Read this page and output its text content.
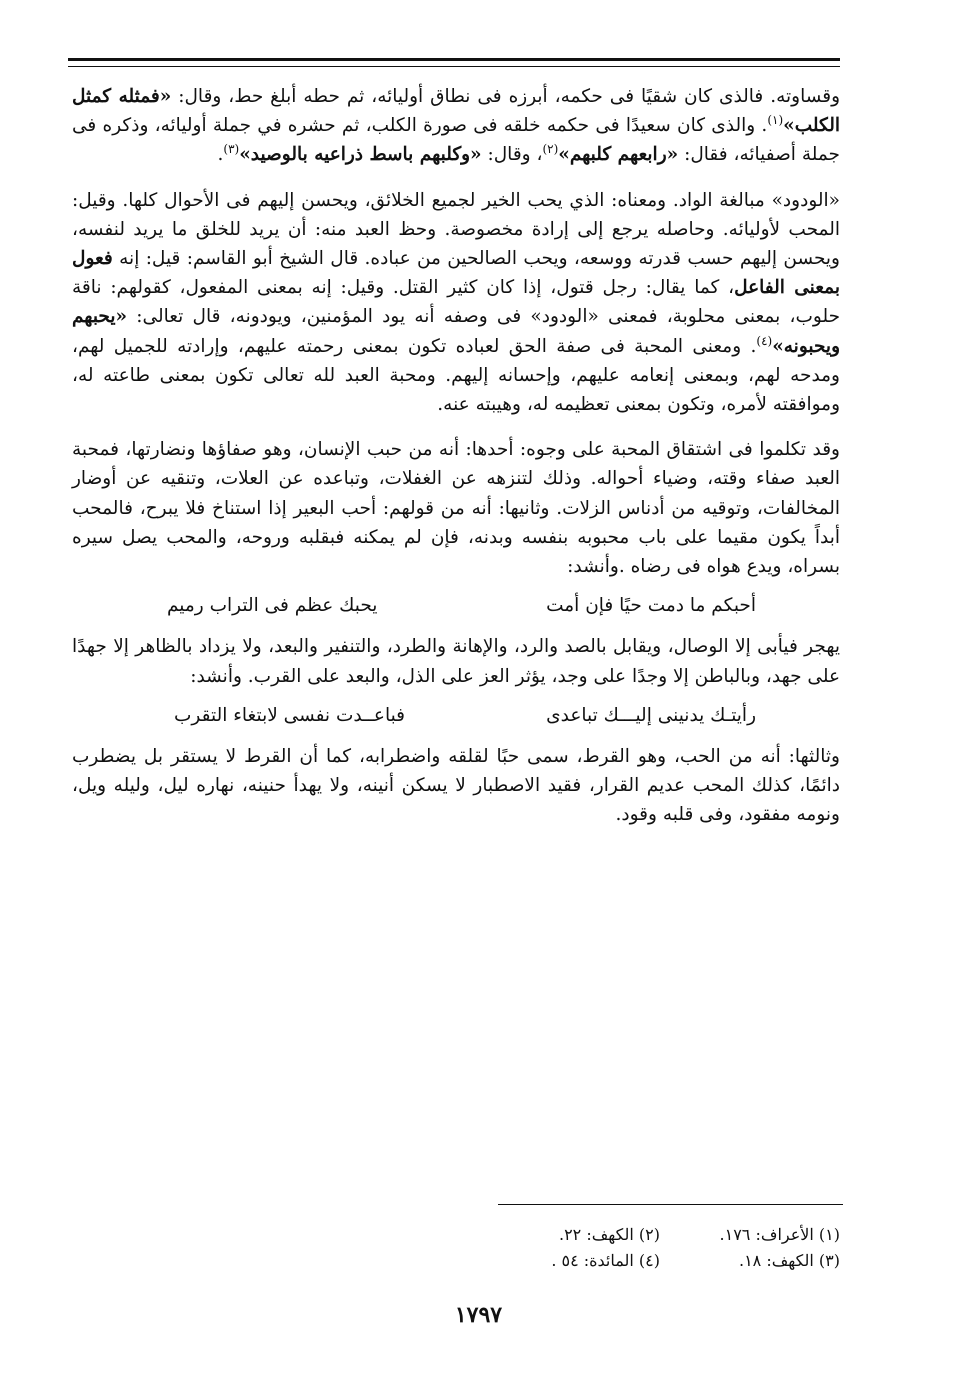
وقساوته. فالذى كان شقيًا فى حكمه، أبرزه فى نطاق أوليائه، ثم حطه أبلغ حط، وقال: «فمثله كمثل الكلب»$^{(١)}$. والذى كان سعيدًا فى حكمه خلقه فى صورة الكلب، ثم حشره في جملة أوليائه، وذكره فى جملة أصفيائه، فقال: «رابعهم كلبهم»$^{(٢)}$، وقال: «وكلبهم باسط ذراعيه بالوصيد»$^{(٣)}$.

«الودود» مبالغة الواد. ومعناه: الذي يحب الخير لجميع الخلائق، ويحسن إليهم فى الأحوال كلها. وقيل: المحب لأوليائه. وحاصله يرجع إلى إرادة مخصوصة. وحظ العبد منه: أن يريد للخلق ما يريد لنفسه، ويحسن إليهم حسب قدرته ووسعه، ويحب الصالحين من عباده. قال الشيخ أبو القاسم: قيل: إنه فعول بمعنى الفاعل، كما يقال: رجل قتول، إذا كان كثير القتل. وقيل: إنه بمعنى المفعول، كقولهم: ناقة حلوب، بمعنى محلوبة، فمعنى «الودود» فى وصفه أنه يود المؤمنين، ويودونه، قال تعالى: «يحبهم ويحبونه»$^{(٤)}$. ومعنى المحبة فى صفة الحق لعباده تكون بمعنى رحمته عليهم، وإرادته للجميل لهم، ومدحه لهم، وبمعنى إنعامه عليهم، وإحسانه إليهم. ومحبة العبد لله تعالى تكون بمعنى طاعته له، وموافقته لأمره، وتكون بمعنى تعظيمه له، وهيبته عنه.

وقد تكلموا فى اشتقاق المحبة على وجوه: أحدها: أنه من حبب الإنسان، وهو صفاؤها ونضارتها، فمحبة العبد صفاء وقته، وضياء أحواله. وذلك لتنزهه عن الغفلات، وتباعده عن العلات، وتنقيه عن أوضار المخالفات، وتوقيه من أدناس الزلات. وثانيها: أنه من قولهم: أحب البعير إذا استناخ فلا يبرح، فالمحب أبداً يكون مقيما على باب محبوبه بنفسه وبدنه، فإن لم يمكنه فبقلبه وروحه، والمحب يصل سيره بسراه، ويدع هواه فى رضاه .وأنشد:

أحبكم ما دمت حيًا فإن أمت
يحبك عظم فى التراب رميم

يهجر فيأبى إلا الوصال، ويقابل بالصد والرد، والإهانة والطرد، والتنفير والبعد، ولا يزداد بالظاهر إلا جهدًا على جهد، وبالباطن إلا وجدًا على وجد، يؤثر العز على الذل، والبعد على القرب. وأنشد:

رأيتـك يدنينى إليـــك تباعدى
فباعــدت نفسى لابتغاء التقرب

وثالثها: أنه من الحب، وهو القرط، سمى حبًا لقلقه واضطرابه، كما أن القرط لا يستقر بل يضطرب دائمًا، كذلك المحب عديم القرار، فقيد الاصطبار لا يسكن أنينه، ولا يهدأ حنينه، نهاره ليل، وليله ويل، ونومه مفقود، وفى قلبه وقود.

(١) الأعراف: ١٧٦.
(٢) الكهف: ٢٢.
(٣) الكهف: ١٨.
(٤) المائدة: ٥٤ .
١٧٩٧
